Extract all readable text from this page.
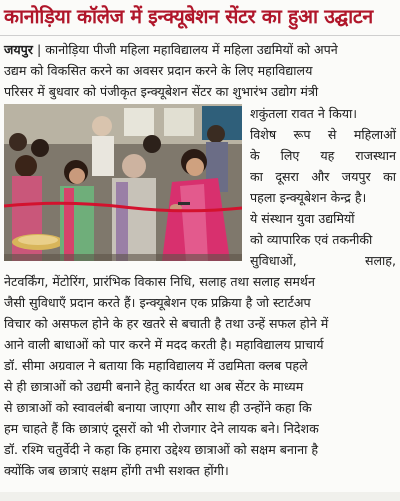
कानोड़िया कॉलेज में इन्क्यूबेशन सेंटर का हुआ उद्घाटन
जयपुर | कानोड़िया पीजी महिला महाविद्यालय में महिला उद्यमियों को अपने
उद्यम को विकसित करने का अवसर प्रदान करने के लिए महाविद्यालय
परिसर में बुधवार को पंजीकृत इन्क्यूबेशन सेंटर का शुभारंभ उद्योग मंत्री
शकुंतला रावत ने किया।
विशेष रूप से महिलाओं
के लिए यह राजस्थान
का दूसरा और जयपुर का
पहला इन्क्यूबेशन केन्द्र है।
ये संस्थान युवा उद्यमियों
को व्यापारिक एवं तकनीकी
सुविधाओं,	सलाह,
नेटवर्किंग, मेंटोरिंग, प्रारंभिक विकास निधि, सलाह तथा सलाह समर्थन
जैसी सुविधाएँ प्रदान करते हैं। इन्क्यूबेशन एक प्रक्रिया है जो स्टार्टअप
विचार को असफल होने के हर खतरे से बचाती है तथा उन्हें सफल होने में
आने वाली बाधाओं को पार करने में मदद करती है। महाविद्यालय प्राचार्य
डॉ. सीमा अग्रवाल ने बताया कि महाविद्यालय में उद्यमिता क्लब पहले
से ही छात्राओं को उद्यमी बनाने हेतु कार्यरत था अब सेंटर के माध्यम
से छात्राओं को स्वावलंबी बनाया जाएगा और साथ ही उन्होंने कहा कि
हम चाहते हैं कि छात्राएं दूसरों को भी रोजगार देने लायक बने। निदेशक
डॉ. रश्मि चतुर्वेदी ने कहा कि हमारा उद्देश्य छात्राओं को सक्षम बनाना है
क्योंकि जब छात्राएं सक्षम होंगी तभी सशक्त होंगी।
